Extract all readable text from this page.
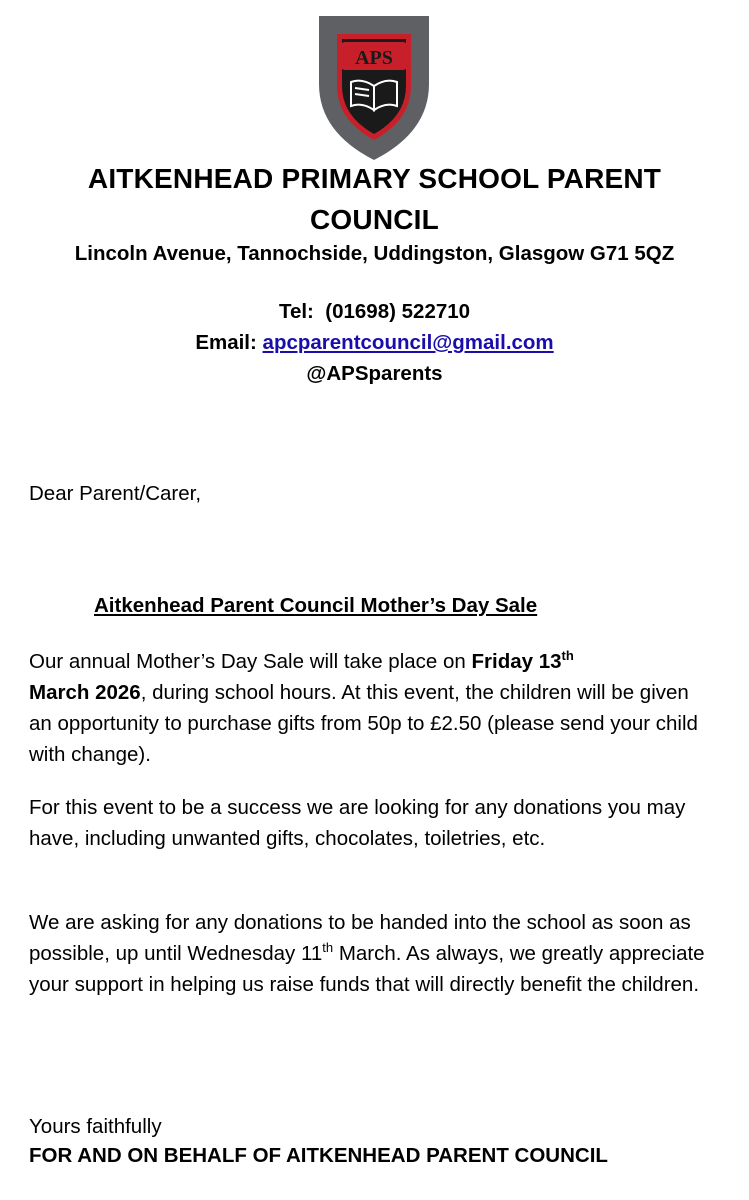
APS
AITKENHEAD PRIMARY SCHOOL PARENT COUNCIL
Lincoln Avenue, Tannochside, Uddingston, Glasgow G71 5QZ
Tel: (01698) 522710
Email: apcparentcouncil@gmail.com
@APSparents
Dear Parent/Carer,
Aitkenhead Parent Council Mother’s Day Sale
Our annual Mother’s Day Sale will take place on Friday 13th
March 2026, during school hours. At this event, the children will be given an opportunity to purchase gifts from 50p to £2.50 (please send your child with change).
For this event to be a success we are looking for any donations you may have, including unwanted gifts, chocolates, toiletries, etc.
We are asking for any donations to be handed into the school as soon as possible, up until Wednesday 11th March. As always, we greatly appreciate your support in helping us raise funds that will directly benefit the children.
Yours faithfully
FOR AND ON BEHALF OF AITKENHEAD PARENT COUNCIL
